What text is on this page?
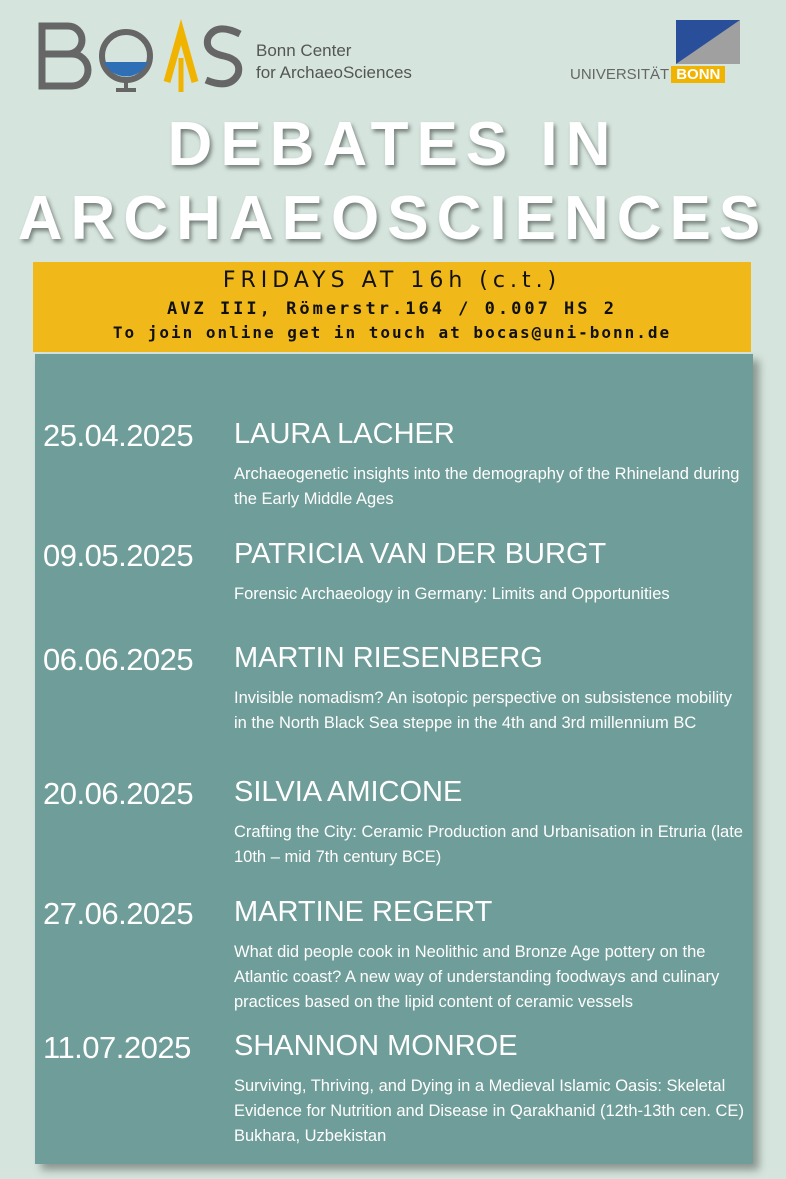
Bonn Center
for ArchaeoSciences	UNIVERSITÄT BONN
DEBATES IN
ARCHAEOSCIENCES
FRIDAYS AT 16h (c.t.)
AVZ III, Römerstr.164 / 0.007 HS 2
To join online get in touch at bocas@uni-bonn.de
25.04.2025 LAURA LACHER
Archaeogenetic insights into the demography of the Rhineland during the Early Middle Ages
09.05.2025 PATRICIA VAN DER BURGT
Forensic Archaeology in Germany: Limits and Opportunities
06.06.2025 MARTIN RIESENBERG
Invisible nomadism? An isotopic perspective on subsistence mobility in the North Black Sea steppe in the 4th and 3rd millennium BC
20.06.2025 SILVIA AMICONE
Crafting the City: Ceramic Production and Urbanisation in Etruria (late 10th – mid 7th century BCE)
27.06.2025 MARTINE REGERT
What did people cook in Neolithic and Bronze Age pottery on the Atlantic coast? A new way of understanding foodways and culinary practices based on the lipid content of ceramic vessels
11.07.2025 SHANNON MONROE
Surviving, Thriving, and Dying in a Medieval Islamic Oasis: Skeletal Evidence for Nutrition and Disease in Qarakhanid (12th-13th cen. CE) Bukhara, Uzbekistan
